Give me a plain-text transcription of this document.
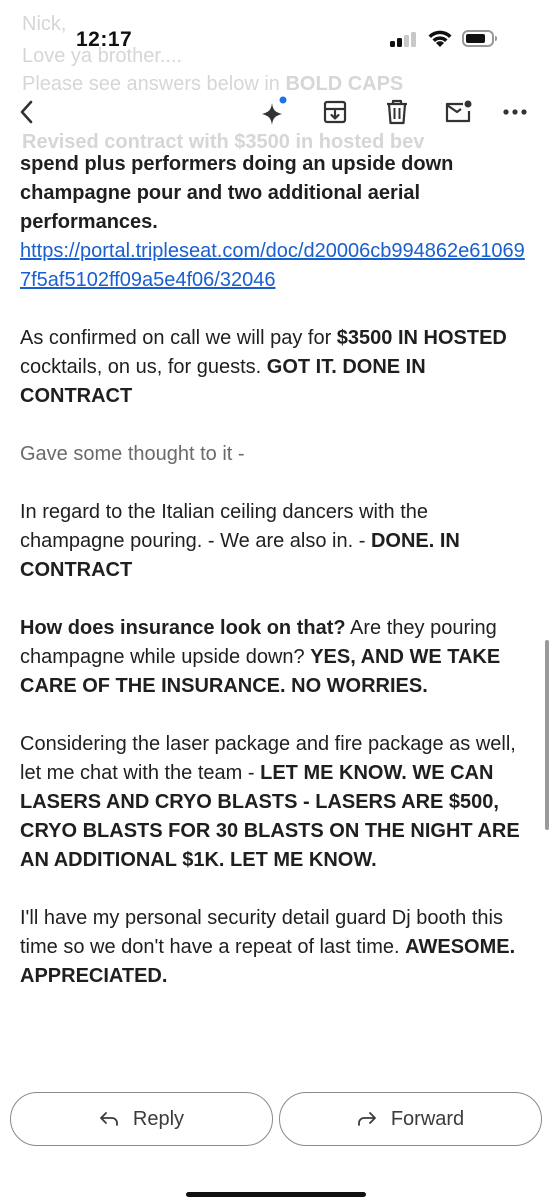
Nick,
Love ya brother....
Please see answers below in BOLD CAPS
Revised contract with $3500 in hosted bev
12:17

spend plus performers doing an upside down champagne pour and two additional aerial performances.
https://portal.tripleseat.com/doc/d20006cb994862e610697f5af5102ff09a5e4f06/32046

As confirmed on call we will pay for $3500 IN HOSTED cocktails, on us, for guests. GOT IT. DONE IN CONTRACT

Gave some thought to it -

In regard to the Italian ceiling dancers with the champagne pouring. - We are also in. - DONE. IN CONTRACT

How does insurance look on that? Are they pouring champagne while upside down? YES, AND WE TAKE CARE OF THE INSURANCE. NO WORRIES.

Considering the laser package and fire package as well, let me chat with the team - LET ME KNOW. WE CAN LASERS AND CRYO BLASTS - LASERS ARE $500, CRYO BLASTS FOR 30 BLASTS ON THE NIGHT ARE AN ADDITIONAL $1K. LET ME KNOW.

I'll have my personal security detail guard Dj booth this time so we don't have a repeat of last time. AWESOME. APPRECIATED.

Reply	Forward
